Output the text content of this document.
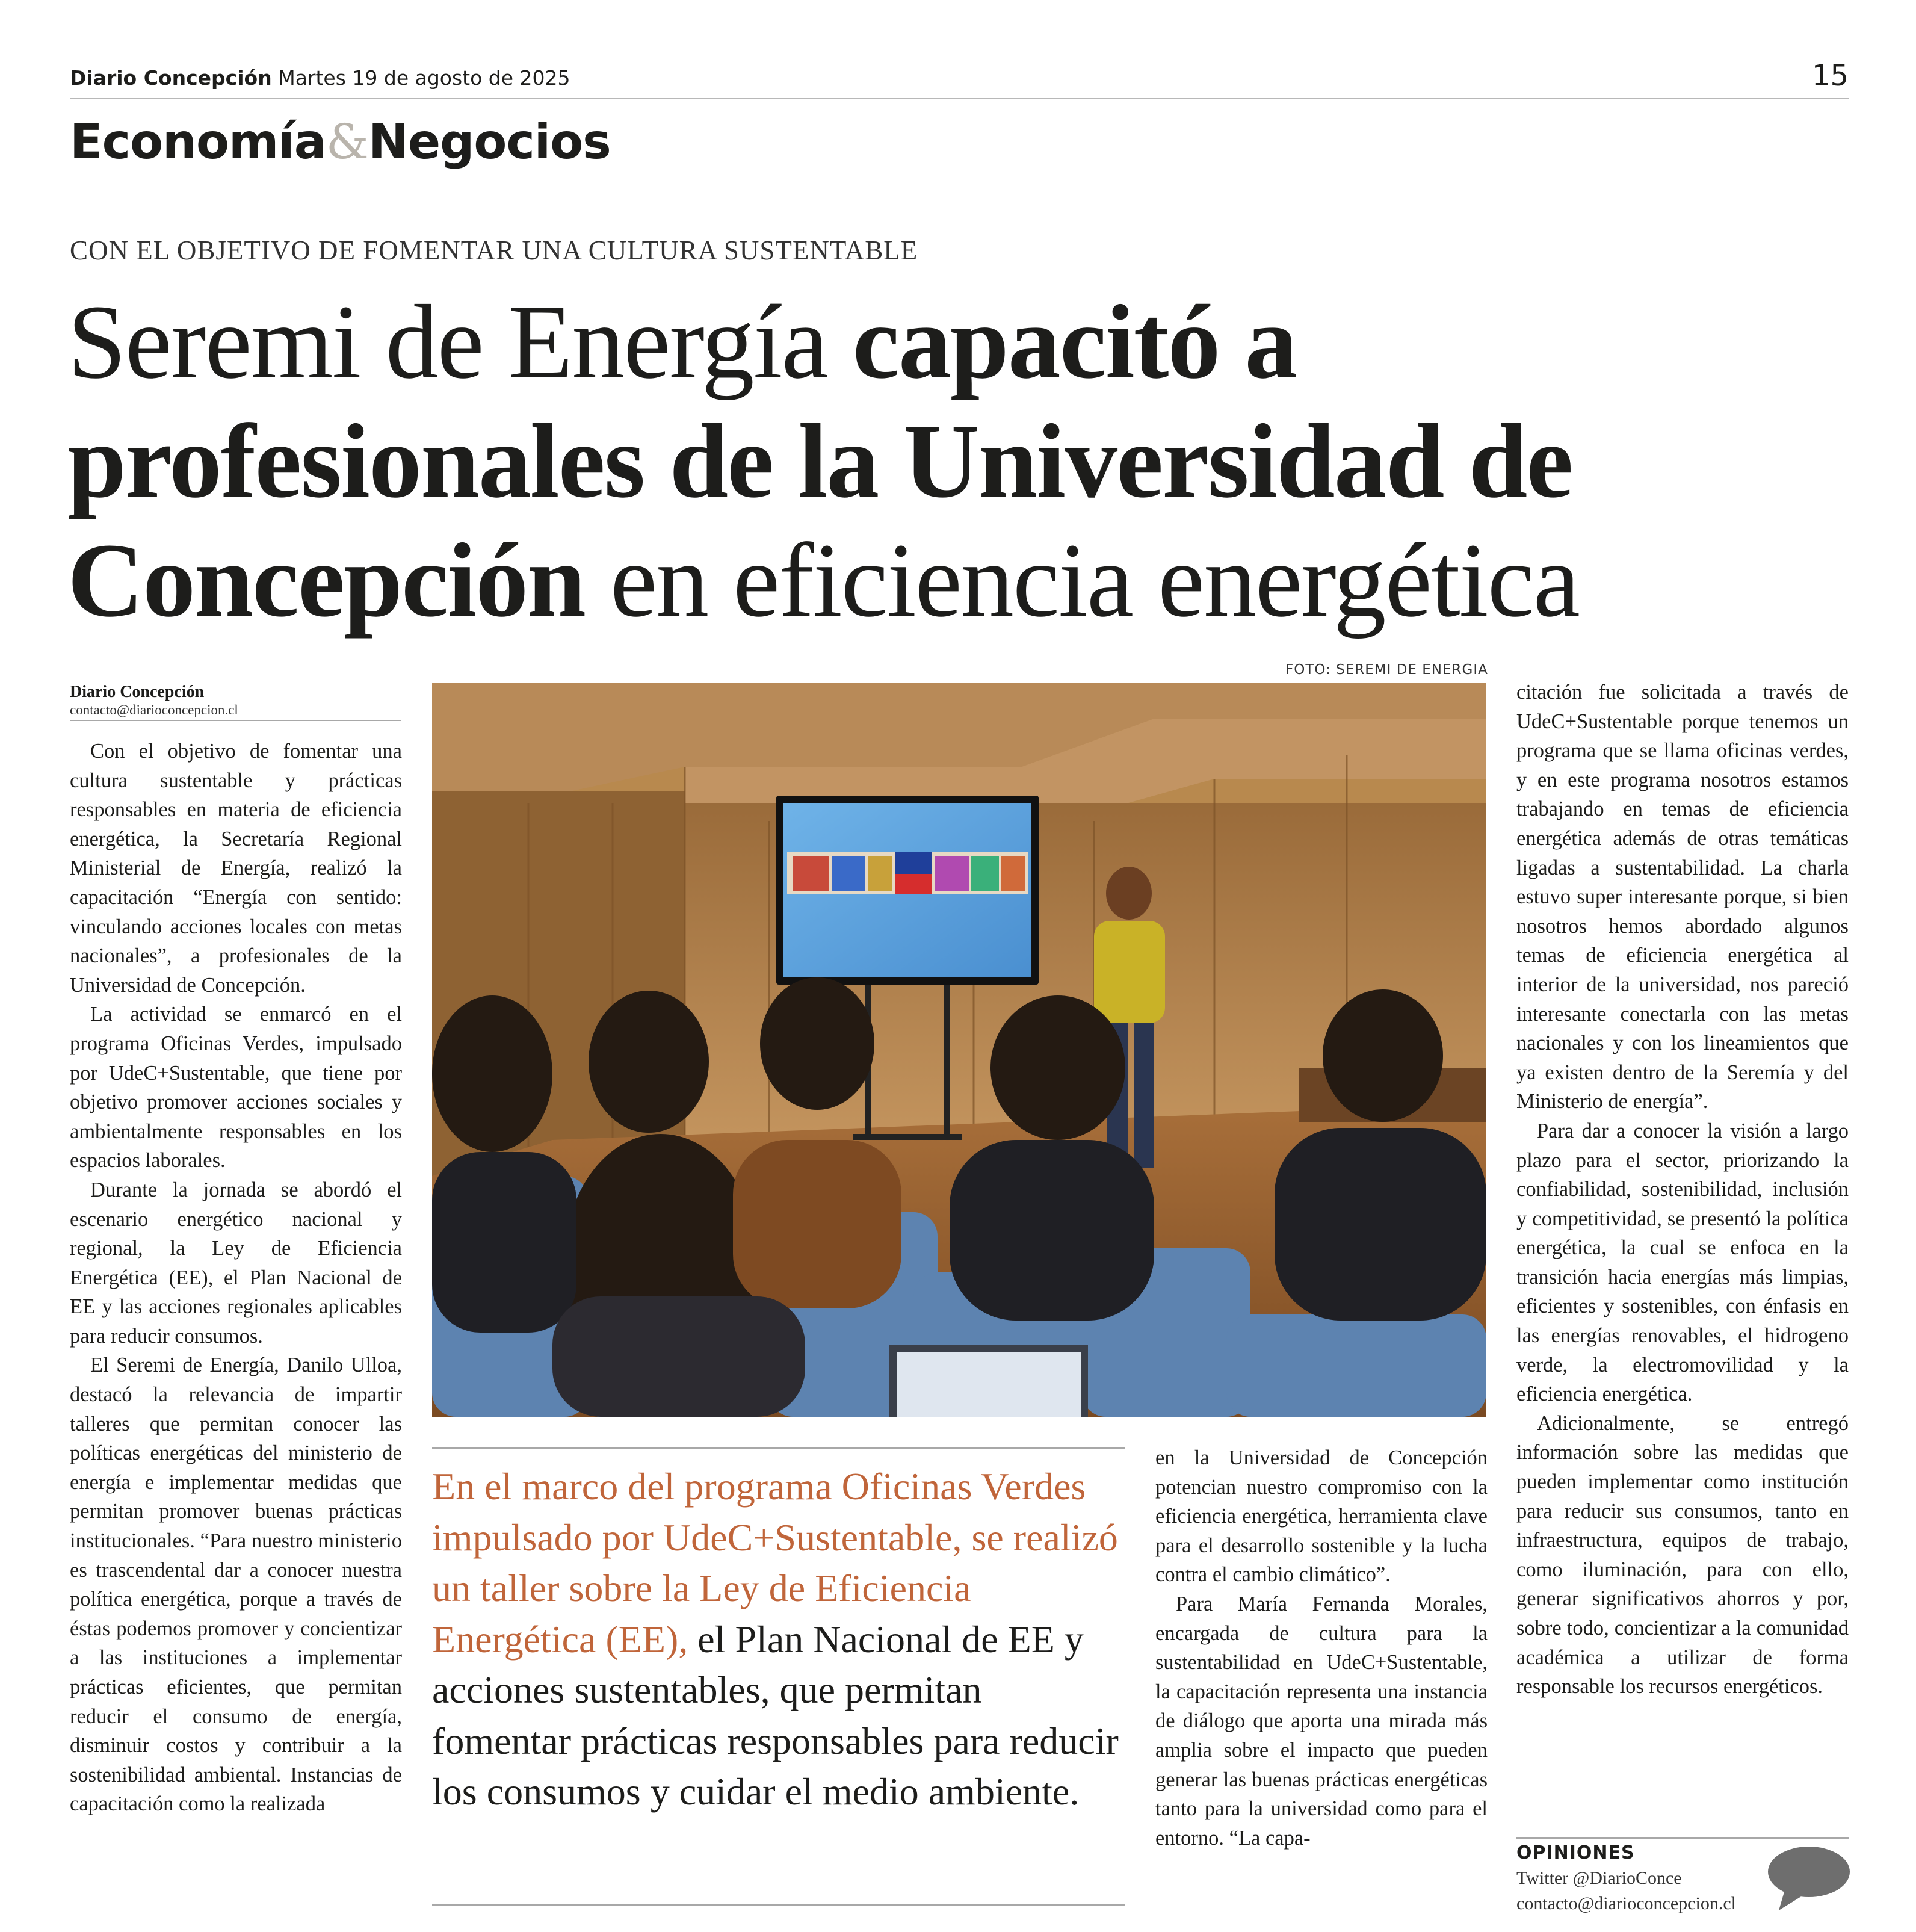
Diario Concepción Martes 19 de agosto de 2025	15
Economía&Negocios
CON EL OBJETIVO DE FOMENTAR UNA CULTURA SUSTENTABLE
Seremi de Energía capacitó a profesionales de la Universidad de Concepción en eficiencia energética
Diario Concepción
contacto@diarioconcepcion.cl

Con el objetivo de fomentar una cultura sustentable y prácticas responsables en materia de eficiencia energética, la Secretaría Regional Ministerial de Energía, realizó la capacitación “Energía con sentido: vinculando acciones locales con metas nacionales”, a profesionales de la Universidad de Concepción.

La actividad se enmarcó en el programa Oficinas Verdes, impulsado por UdeC+Sustentable, que tiene por objetivo promover acciones sociales y ambientalmente responsables en los espacios laborales.

Durante la jornada se abordó el escenario energético nacional y regional, la Ley de Eficiencia Energética (EE), el Plan Nacional de EE y las acciones regionales aplicables para reducir consumos.

El Seremi de Energía, Danilo Ulloa, destacó la relevancia de impartir talleres que permitan conocer las políticas energéticas del ministerio de energía e implementar medidas que permitan promover buenas prácticas institucionales. “Para nuestro ministerio es trascendental dar a conocer nuestra política energética, porque a través de éstas podemos promover y concientizar a las instituciones a implementar prácticas eficientes, que permitan reducir el consumo de energía, disminuir costos y contribuir a la sostenibilidad ambiental. Instancias de capacitación como la realizada

FOTO: SEREMI DE ENERGIA
En el marco del programa Oficinas Verdes impulsado por UdeC+Sustentable, se realizó un taller sobre la Ley de Eficiencia Energética (EE), el Plan Nacional de EE y acciones sustentables, que permitan fomentar prácticas responsables para reducir los consumos y cuidar el medio ambiente.

en la Universidad de Concepción potencian nuestro compromiso con la eficiencia energética, herramienta clave para el desarrollo sostenible y la lucha contra el cambio climático”.

Para María Fernanda Morales, encargada de cultura para la sustentabilidad en UdeC+Sustentable, la capacitación representa una instancia de diálogo que aporta una mirada más amplia sobre el impacto que pueden generar las buenas prácticas energéticas tanto para la universidad como para el entorno. “La capa-

citación fue solicitada a través de UdeC+Sustentable porque tenemos un programa que se llama oficinas verdes, y en este programa nosotros estamos trabajando en temas de eficiencia energética además de otras temáticas ligadas a sustentabilidad. La charla estuvo super interesante porque, si bien nosotros hemos abordado algunos temas de eficiencia energética al interior de la universidad, nos pareció interesante conectarla con las metas nacionales y con los lineamientos que ya existen dentro de la Seremía y del Ministerio de energía”.

Para dar a conocer la visión a largo plazo para el sector, priorizando la confiabilidad, sostenibilidad, inclusión y competitividad, se presentó la política energética, la cual se enfoca en la transición hacia energías más limpias, eficientes y sostenibles, con énfasis en las energías renovables, el hidrogeno verde, la electromovilidad y la eficiencia energética.

Adicionalmente, se entregó información sobre las medidas que pueden implementar como institución para reducir sus consumos, tanto en infraestructura, equipos de trabajo, como iluminación, para con ello, generar significativos ahorros y por, sobre todo, concientizar a la comunidad académica a utilizar de forma responsable los recursos energéticos.

OPINIONES
Twitter @DiarioConce
contacto@diarioconcepcion.cl
